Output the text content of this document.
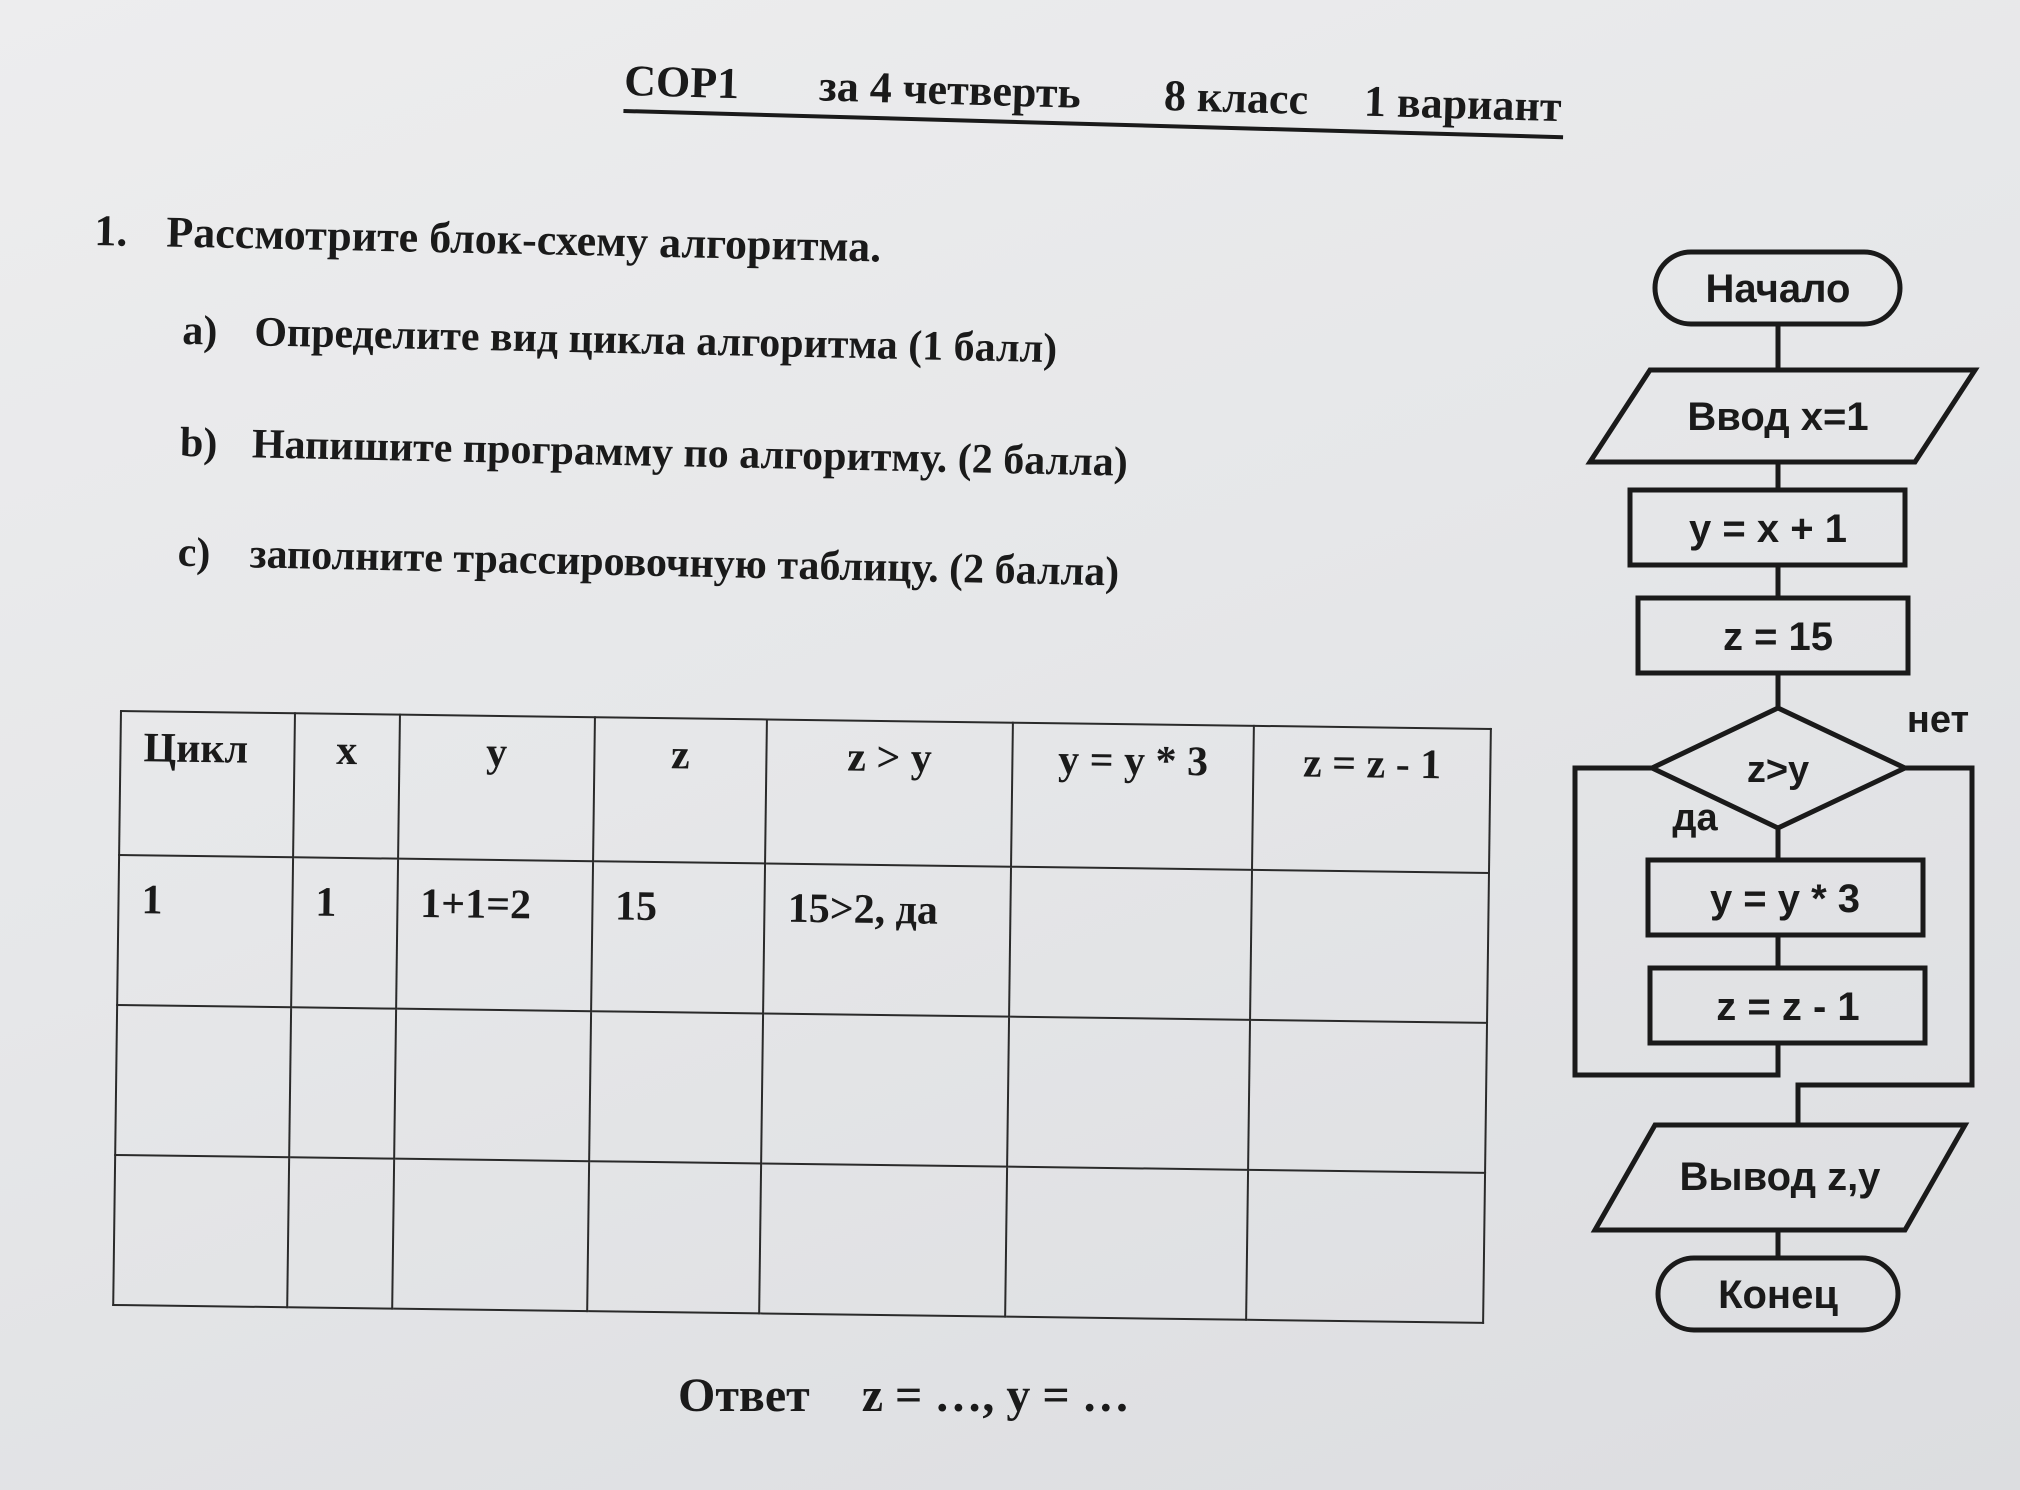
СОР1 за 4 четверть 8 класс 1 вариант
1. Рассмотрите блок-схему алгоритма.
a) Определите вид цикла алгоритма (1 балл)
b) Напишите программу по алгоритму. (2 балла)
c) заполните трассировочную таблицу. (2 балла)
Цикл	x	y	z	z > y	y = y * 3	z = z - 1
1	1	1+1=2	15	15>2, да		

Ответ z = …, y = …
Начало
Ввод x=1
y = x + 1
z = 15
z>y
нет
да
y = y * 3
z = z - 1
Вывод z,y
Конец
